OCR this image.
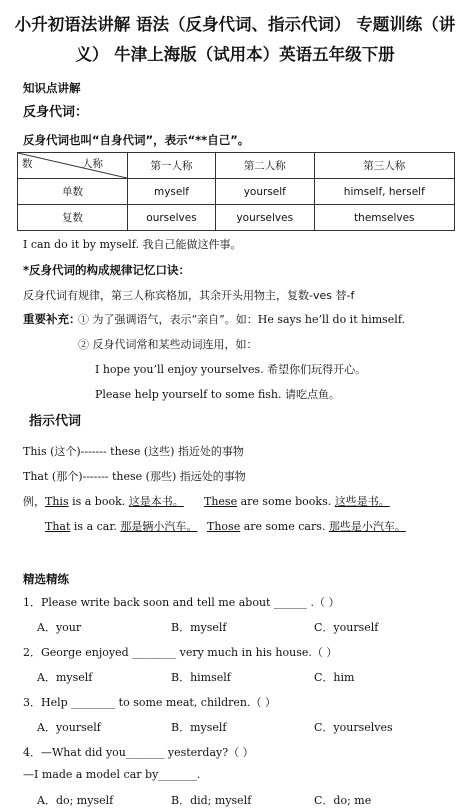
小升初语法讲解 语法（反身代词、指示代词） 专题训练（讲义） 牛津上海版（试用本）英语五年级下册
知识点讲解
反身代词：
反身代词也叫“自身代词”，表示“**自己”。
数 人称	第一人称	第二人称	第三人称
单数	myself	yourself	himself, herself
复数	ourselves	yourselves	themselves
I can do it by myself. 我自己能做这件事。
*反身代词的构成规律记忆口诀：
反身代词有规律，第三人称宾格加，其余开头用物主，复数-ves 替-f
重要补充：
① 为了强调语气，表示“亲自”。如：He says he’ll do it himself.
② 反身代词常和某些动词连用，如：
I hope you’ll enjoy yourselves. 希望你们玩得开心。
Please help yourself to some fish. 请吃点鱼。
指示代词
This (这个)------- these (这些) 指近处的事物
That (那个)------- these (那些) 指远处的事物
例，This is a book. 这是本书。 These are some books. 这些是书。
That is a car. 那是辆小汽车。 Those are some cars. 那些是小汽车。
精选精练
1．Please write back soon and tell me about ______ .（ ）
A．your	B．myself	C．yourself
2．George enjoyed ________ very much in his house.（ ）
A．myself	B．himself	C．him
3．Help ________ to some meat, children.（ ）
A．yourself	B．myself	C．yourselves
4．—What did you_______ yesterday?（ ）
—I made a model car by_______.
A．do; myself	B．did; myself	C．do; me
